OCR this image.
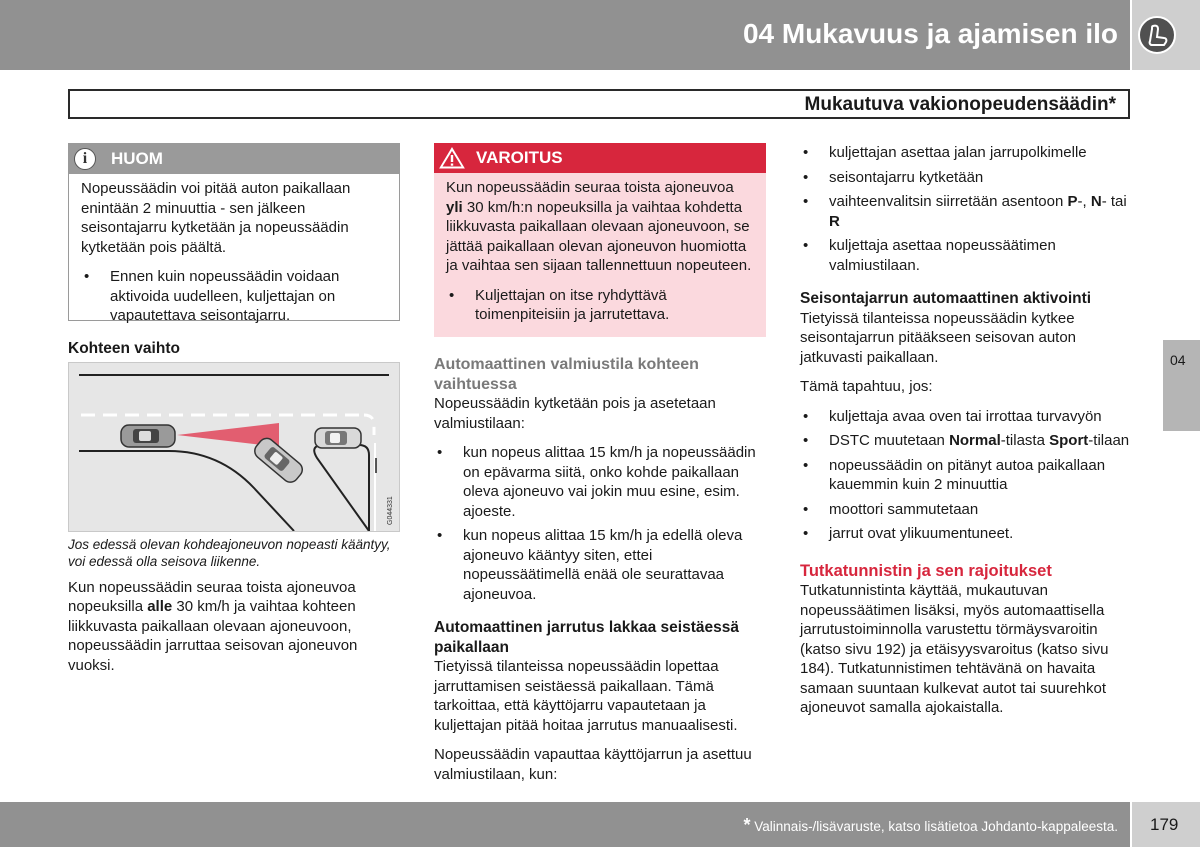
04 Mukavuus ja ajamisen ilo
Mukautuva vakionopeudensäädin*
04
i	HUOM

Nopeussäädin voi pitää auton paikallaan enintään 2 minuuttia - sen jälkeen seisontajarru kytketään ja nopeussäädin kytketään pois päältä.

• Ennen kuin nopeussäädin voidaan aktivoida uudelleen, kuljettajan on vapautettava seisontajarru.
Kohteen vaihto
G044331
Jos edessä olevan kohdeajoneuvon nopeasti kääntyy, voi edessä olla seisova liikenne.

Kun nopeussäädin seuraa toista ajoneuvoa nopeuksilla alle 30 km/h ja vaihtaa kohteen liikkuvasta paikallaan olevaan ajoneuvoon, nopeussäädin jarruttaa seisovan ajoneuvon vuoksi.

VAROITUS

Kun nopeussäädin seuraa toista ajoneuvoa yli 30 km/h:n nopeuksilla ja vaihtaa kohdetta liikkuvasta paikallaan olevaan ajoneuvoon, se jättää paikallaan olevan ajoneuvon huomiotta ja vaihtaa sen sijaan tallennettuun nopeuteen.

• Kuljettajan on itse ryhdyttävä toimenpiteisiin ja jarrutettava.
Automaattinen valmiustila kohteen vaihtuessa

Nopeussäädin kytketään pois ja asetetaan valmiustilaan:

• kun nopeus alittaa 15 km/h ja nopeussäädin on epävarma siitä, onko kohde paikallaan oleva ajoneuvo vai jokin muu esine, esim. ajoeste.
• kun nopeus alittaa 15 km/h ja edellä oleva ajoneuvo kääntyy siten, ettei nopeussäätimellä enää ole seurattavaa ajoneuvoa.
Automaattinen jarrutus lakkaa seistäessä paikallaan

Tietyissä tilanteissa nopeussäädin lopettaa jarruttamisen seistäessä paikallaan. Tämä tarkoittaa, että käyttöjarru vapautetaan ja kuljettajan pitää hoitaa jarrutus manuaalisesti.

Nopeussäädin vapauttaa käyttöjarrun ja asettuu valmiustilaan, kun:

• kuljettajan asettaa jalan jarrupolkimelle
• seisontajarru kytketään
• vaihteenvalitsin siirretään asentoon P-, N- tai R
• kuljettaja asettaa nopeussäätimen valmiustilaan.
Seisontajarrun automaattinen aktivointi

Tietyissä tilanteissa nopeussäädin kytkee seisontajarrun pitääkseen seisovan auton jatkuvasti paikallaan.

Tämä tapahtuu, jos:

• kuljettaja avaa oven tai irrottaa turvavyön
• DSTC muutetaan Normal-tilasta Sport-tilaan
• nopeussäädin on pitänyt autoa paikallaan kauemmin kuin 2 minuuttia
• moottori sammutetaan
• jarrut ovat ylikuumentuneet.
Tutkatunnistin ja sen rajoitukset

Tutkatunnistinta käyttää, mukautuvan nopeussäätimen lisäksi, myös automaattisella jarrutustoiminnolla varustettu törmäysvaroitin (katso sivu 192) ja etäisyysvaroitus (katso sivu 184). Tutkatunnistimen tehtävänä on havaita samaan suuntaan kulkevat autot tai suurehkot ajoneuvot samalla ajokaistalla.

* Valinnais-/lisävaruste, katso lisätietoa Johdanto-kappaleesta. 179
